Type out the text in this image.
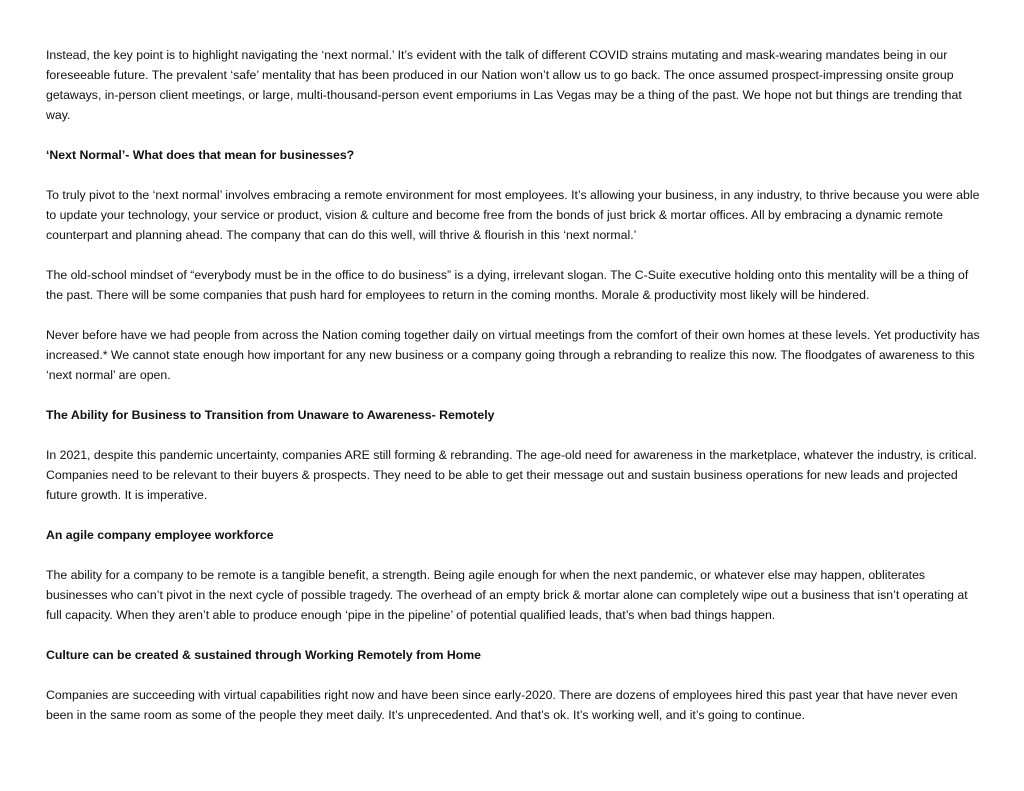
Instead, the key point is to highlight navigating the ‘next normal.’ It’s evident with the talk of different COVID strains mutating and mask-wearing mandates being in our foreseeable future. The prevalent ‘safe’ mentality that has been produced in our Nation won’t allow us to go back. The once assumed prospect-impressing onsite group getaways, in-person client meetings, or large, multi-thousand-person event emporiums in Las Vegas may be a thing of the past. We hope not but things are trending that way.

‘Next Normal’- What does that mean for businesses?

To truly pivot to the ‘next normal’ involves embracing a remote environment for most employees. It’s allowing your business, in any industry, to thrive because you were able to update your technology, your service or product, vision & culture and become free from the bonds of just brick & mortar offices. All by embracing a dynamic remote counterpart and planning ahead. The company that can do this well, will thrive & flourish in this ‘next normal.’

The old-school mindset of “everybody must be in the office to do business” is a dying, irrelevant slogan. The C-Suite executive holding onto this mentality will be a thing of the past. There will be some companies that push hard for employees to return in the coming months. Morale & productivity most likely will be hindered.

Never before have we had people from across the Nation coming together daily on virtual meetings from the comfort of their own homes at these levels. Yet productivity has increased.* We cannot state enough how important for any new business or a company going through a rebranding to realize this now. The floodgates of awareness to this ‘next normal’ are open.

The Ability for Business to Transition from Unaware to Awareness- Remotely

In 2021, despite this pandemic uncertainty, companies ARE still forming & rebranding. The age-old need for awareness in the marketplace, whatever the industry, is critical. Companies need to be relevant to their buyers & prospects. They need to be able to get their message out and sustain business operations for new leads and projected future growth. It is imperative.

An agile company employee workforce

The ability for a company to be remote is a tangible benefit, a strength. Being agile enough for when the next pandemic, or whatever else may happen, obliterates businesses who can’t pivot in the next cycle of possible tragedy. The overhead of an empty brick & mortar alone can completely wipe out a business that isn’t operating at full capacity. When they aren’t able to produce enough ‘pipe in the pipeline’ of potential qualified leads, that’s when bad things happen.

Culture can be created & sustained through Working Remotely from Home

Companies are succeeding with virtual capabilities right now and have been since early-2020. There are dozens of employees hired this past year that have never even been in the same room as some of the people they meet daily. It’s unprecedented. And that’s ok. It’s working well, and it’s going to continue.
